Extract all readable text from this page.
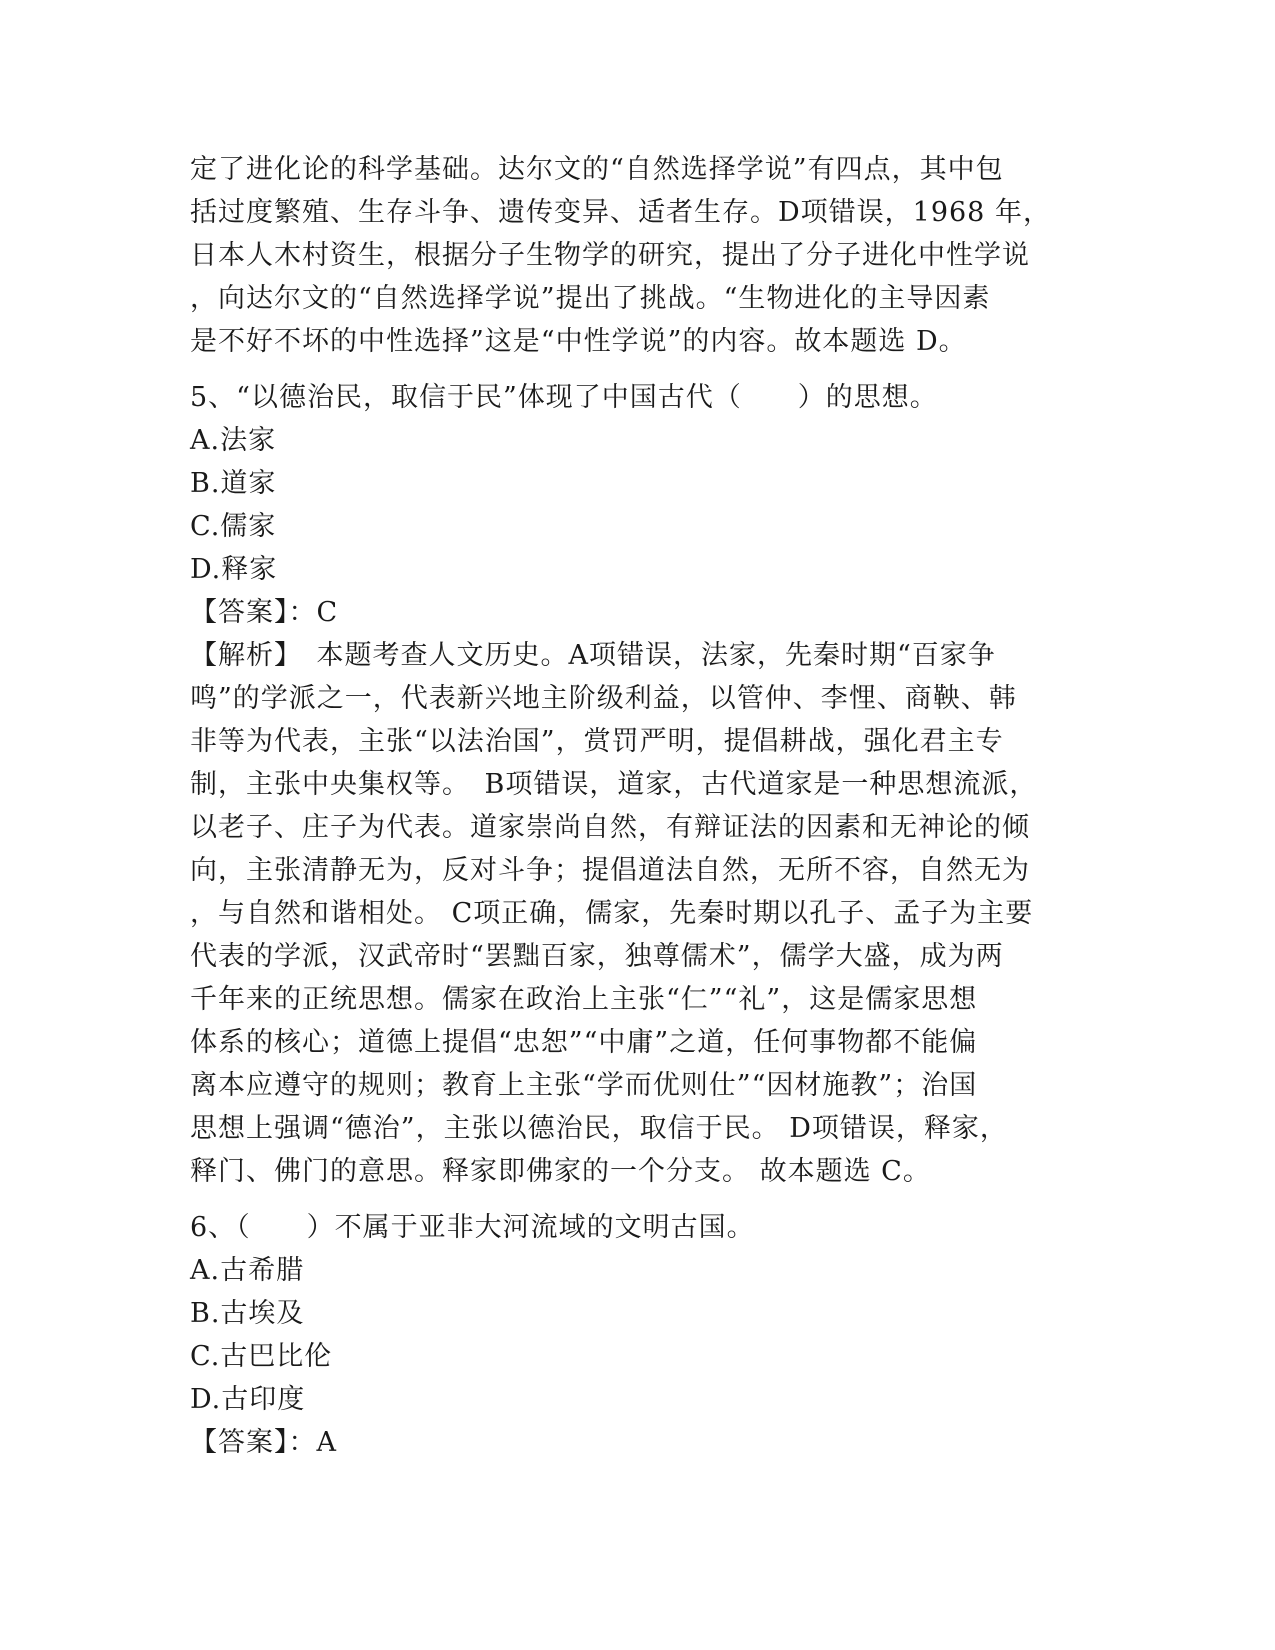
定了进化论的科学基础。达尔文的“自然选择学说”有四点，其中包
括过度繁殖、生存斗争、遗传变异、适者生存。D项错误，1968 年，
日本人木村资生，根据分子生物学的研究，提出了分子进化中性学说
，向达尔文的“自然选择学说”提出了挑战。“生物进化的主导因素
是不好不坏的中性选择”这是“中性学说”的内容。故本题选 D。
5、“以德治民，取信于民”体现了中国古代（　　）的思想。
A.法家
B.道家
C.儒家
D.释家
【答案】：C
【解析】　本题考查人文历史。A项错误，法家，先秦时期“百家争
鸣”的学派之一，代表新兴地主阶级利益，以管仲、李悝、商鞅、韩
非等为代表，主张“以法治国”，赏罚严明，提倡耕战，强化君主专
制，主张中央集权等。　B项错误，道家，古代道家是一种思想流派，
以老子、庄子为代表。道家崇尚自然，有辩证法的因素和无神论的倾
向，主张清静无为，反对斗争；提倡道法自然，无所不容，自然无为
，与自然和谐相处。 C项正确，儒家，先秦时期以孔子、孟子为主要
代表的学派，汉武帝时“罢黜百家，独尊儒术”，儒学大盛，成为两
千年来的正统思想。儒家在政治上主张“仁”“礼”，这是儒家思想
体系的核心；道德上提倡“忠恕”“中庸”之道，任何事物都不能偏
离本应遵守的规则；教育上主张“学而优则仕”“因材施教”；治国
思想上强调“德治”，主张以德治民，取信于民。 D项错误，释家，
释门、佛门的意思。释家即佛家的一个分支。 故本题选 C。
6、（　　）不属于亚非大河流域的文明古国。
A.古希腊
B.古埃及
C.古巴比伦
D.古印度
【答案】：A
